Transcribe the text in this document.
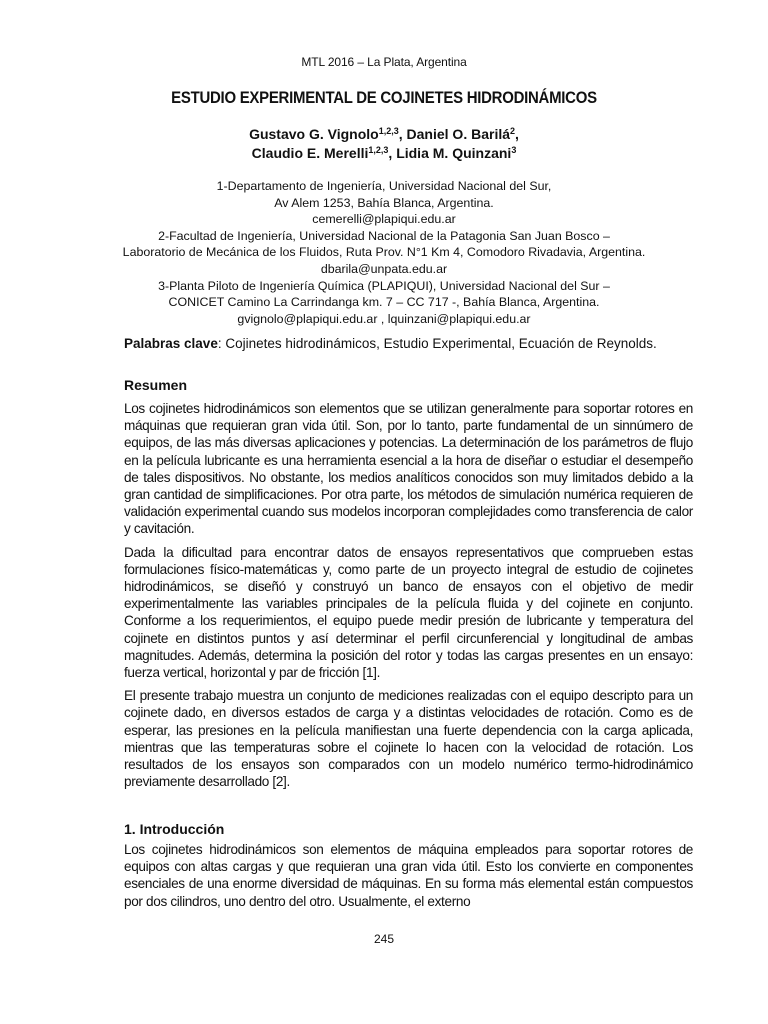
MTL 2016 – La Plata, Argentina
ESTUDIO EXPERIMENTAL DE COJINETES HIDRODINÁMICOS
Gustavo G. Vignolo$^{1,2,3}$, Daniel O. Barilá$^2$,
Claudio E. Merelli$^{1,2,3}$, Lidia M. Quinzani$^3$
1-Departamento de Ingeniería, Universidad Nacional del Sur,
Av Alem 1253, Bahía Blanca, Argentina.
cemerelli@plapiqui.edu.ar
2-Facultad de Ingeniería, Universidad Nacional de la Patagonia San Juan Bosco –
Laboratorio de Mecánica de los Fluidos, Ruta Prov. N°1 Km 4, Comodoro Rivadavia, Argentina.
dbarila@unpata.edu.ar
3-Planta Piloto de Ingeniería Química (PLAPIQUI), Universidad Nacional del Sur –
CONICET Camino La Carrindanga km. 7 – CC 717 -, Bahía Blanca, Argentina.
gvignolo@plapiqui.edu.ar , lquinzani@plapiqui.edu.ar
Palabras clave: Cojinetes hidrodinámicos, Estudio Experimental, Ecuación de Reynolds.
Resumen

Los cojinetes hidrodinámicos son elementos que se utilizan generalmente para soportar rotores en máquinas que requieran gran vida útil. Son, por lo tanto, parte fundamental de un sinnúmero de equipos, de las más diversas aplicaciones y potencias. La determinación de los parámetros de flujo en la película lubricante es una herramienta esencial a la hora de diseñar o estudiar el desempeño de tales dispositivos. No obstante, los medios analíticos conocidos son muy limitados debido a la gran cantidad de simplificaciones. Por otra parte, los métodos de simulación numérica requieren de validación experimental cuando sus modelos incorporan complejidades como transferencia de calor y cavitación.

Dada la dificultad para encontrar datos de ensayos representativos que comprueben estas formulaciones físico-matemáticas y, como parte de un proyecto integral de estudio de cojinetes hidrodinámicos, se diseñó y construyó un banco de ensayos con el objetivo de medir experimentalmente las variables principales de la película fluida y del cojinete en conjunto. Conforme a los requerimientos, el equipo puede medir presión de lubricante y temperatura del cojinete en distintos puntos y así determinar el perfil circunferencial y longitudinal de ambas magnitudes. Además, determina la posición del rotor y todas las cargas presentes en un ensayo: fuerza vertical, horizontal y par de fricción [1].

El presente trabajo muestra un conjunto de mediciones realizadas con el equipo descripto para un cojinete dado, en diversos estados de carga y a distintas velocidades de rotación. Como es de esperar, las presiones en la película manifiestan una fuerte dependencia con la carga aplicada, mientras que las temperaturas sobre el cojinete lo hacen con la velocidad de rotación. Los resultados de los ensayos son comparados con un modelo numérico termo-hidrodinámico previamente desarrollado [2].

1. Introducción

Los cojinetes hidrodinámicos son elementos de máquina empleados para soportar rotores de equipos con altas cargas y que requieran una gran vida útil. Esto los convierte en componentes esenciales de una enorme diversidad de máquinas. En su forma más elemental están compuestos por dos cilindros, uno dentro del otro. Usualmente, el externo

245
